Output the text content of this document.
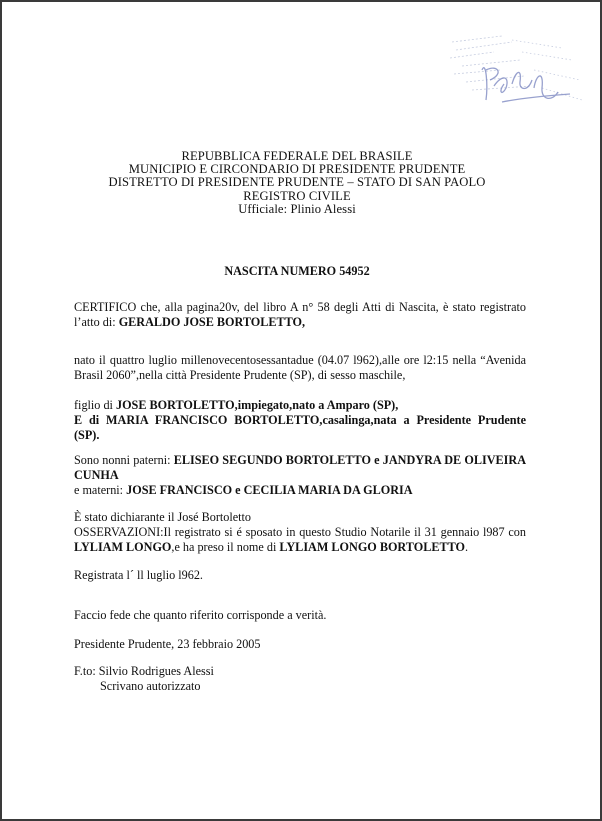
REPUBBLICA FEDERALE DEL BRASILE
MUNICIPIO E CIRCONDARIO DI PRESIDENTE PRUDENTE
DISTRETTO DI PRESIDENTE PRUDENTE – STATO DI SAN PAOLO
REGISTRO CIVILE
Ufficiale: Plinio Alessi
NASCITA NUMERO 54952

CERTIFICO che, alla pagina20v, del libro A n° 58 degli Atti di Nascita, è stato registrato l’atto di: GERALDO JOSE BORTOLETTO,

nato il quattro luglio millenovecentosessantadue (04.07 l962),alle ore l2:15 nella “Avenida Brasil 2060”,nella città Presidente Prudente (SP), di sesso maschile,

figlio di JOSE BORTOLETTO,impiegato,nato a Amparo (SP),

E di MARIA FRANCISCO BORTOLETTO,casalinga,nata a Presidente Prudente (SP).

Sono nonni paterni: ELISEO SEGUNDO BORTOLETTO e JANDYRA DE OLIVEIRA CUNHA

e materni: JOSE FRANCISCO e CECILIA MARIA DA GLORIA

È stato dichiarante il José Bortoletto

OSSERVAZIONI:Il registrato si é sposato in questo Studio Notarile il 31 gennaio l987 con LYLIAM LONGO,e ha preso il nome di LYLIAM LONGO BORTOLETTO.

Registrata l´ ll luglio l962.

Faccio fede che quanto riferito corrisponde a verità.

Presidente Prudente, 23 febbraio 2005

F.to: Silvio Rodrigues Alessi

Scrivano autorizzato
